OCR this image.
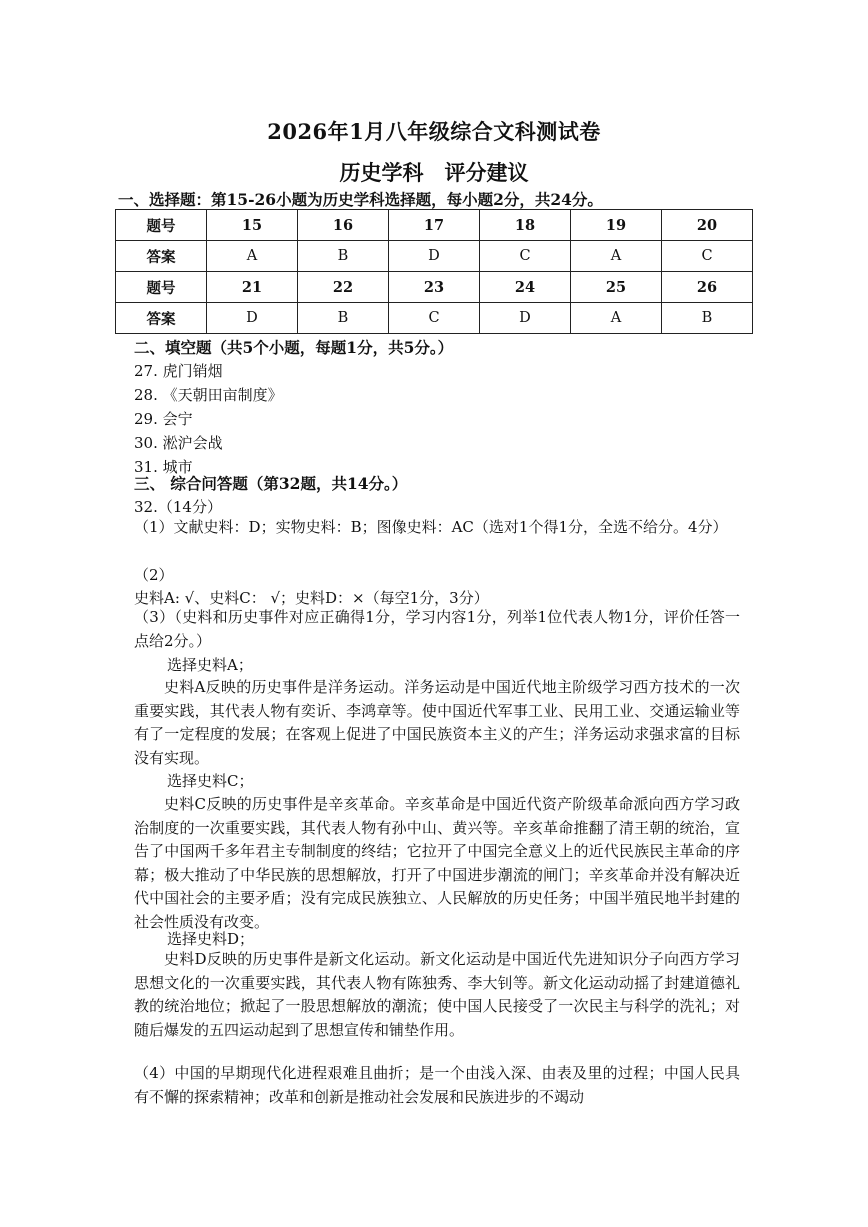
2026年1月八年级综合文科测试卷
历史学科　评分建议
一、选择题：第15-26小题为历史学科选择题，每小题2分，共24分。
题号	15	16	17	18	19	20
答案	A	B	D	C	A	C
题号	21	22	23	24	25	26
答案	D	B	C	D	A	B
二、填空题（共5个小题，每题1分，共5分。）
27. 虎门销烟
28. 《天朝田亩制度》
29. 会宁
30. 淞沪会战
31. 城市
三、 综合问答题（第32题，共14分。）
32.（14分）
（1）文献史料：D；实物史料：B；图像史料：AC（选对1个得1分，全选不给分。4分）
（2）
史料A: √、史料C： √；史料D：×（每空1分，3分）
（3）（史料和历史事件对应正确得1分，学习内容1分，列举1位代表人物1分，评价任答一点给2分。）
选择史料A；
史料A反映的历史事件是洋务运动。洋务运动是中国近代地主阶级学习西方技术的一次重要实践，其代表人物有奕䜣、李鸿章等。使中国近代军事工业、民用工业、交通运输业等有了一定程度的发展；在客观上促进了中国民族资本主义的产生；洋务运动求强求富的目标没有实现。
选择史料C；
史料C反映的历史事件是辛亥革命。辛亥革命是中国近代资产阶级革命派向西方学习政治制度的一次重要实践，其代表人物有孙中山、黄兴等。辛亥革命推翻了清王朝的统治，宣告了中国两千多年君主专制制度的终结；它拉开了中国完全意义上的近代民族民主革命的序幕；极大推动了中华民族的思想解放，打开了中国进步潮流的闸门；辛亥革命并没有解决近代中国社会的主要矛盾；没有完成民族独立、人民解放的历史任务；中国半殖民地半封建的社会性质没有改变。
选择史料D；
史料D反映的历史事件是新文化运动。新文化运动是中国近代先进知识分子向西方学习思想文化的一次重要实践，其代表人物有陈独秀、李大钊等。新文化运动动摇了封建道德礼教的统治地位；掀起了一股思想解放的潮流；使中国人民接受了一次民主与科学的洗礼；对随后爆发的五四运动起到了思想宣传和铺垫作用。
（4）中国的早期现代化进程艰难且曲折；是一个由浅入深、由表及里的过程；中国人民具有不懈的探索精神；改革和创新是推动社会发展和民族进步的不竭动
